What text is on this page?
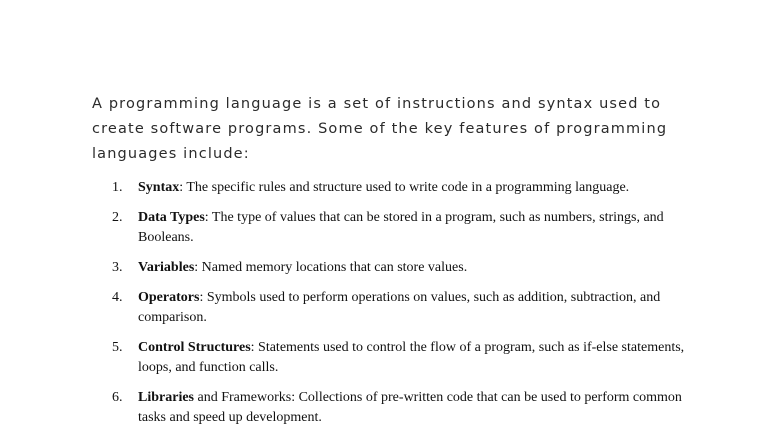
A programming language is a set of instructions and syntax used to create software programs. Some of the key features of programming languages include:

1. Syntax: The specific rules and structure used to write code in a programming language.
2. Data Types: The type of values that can be stored in a program, such as numbers, strings, and Booleans.
3. Variables: Named memory locations that can store values.
4. Operators: Symbols used to perform operations on values, such as addition, subtraction, and comparison.
5. Control Structures: Statements used to control the flow of a program, such as if-else statements, loops, and function calls.
6. Libraries and Frameworks: Collections of pre-written code that can be used to perform common tasks and speed up development.
